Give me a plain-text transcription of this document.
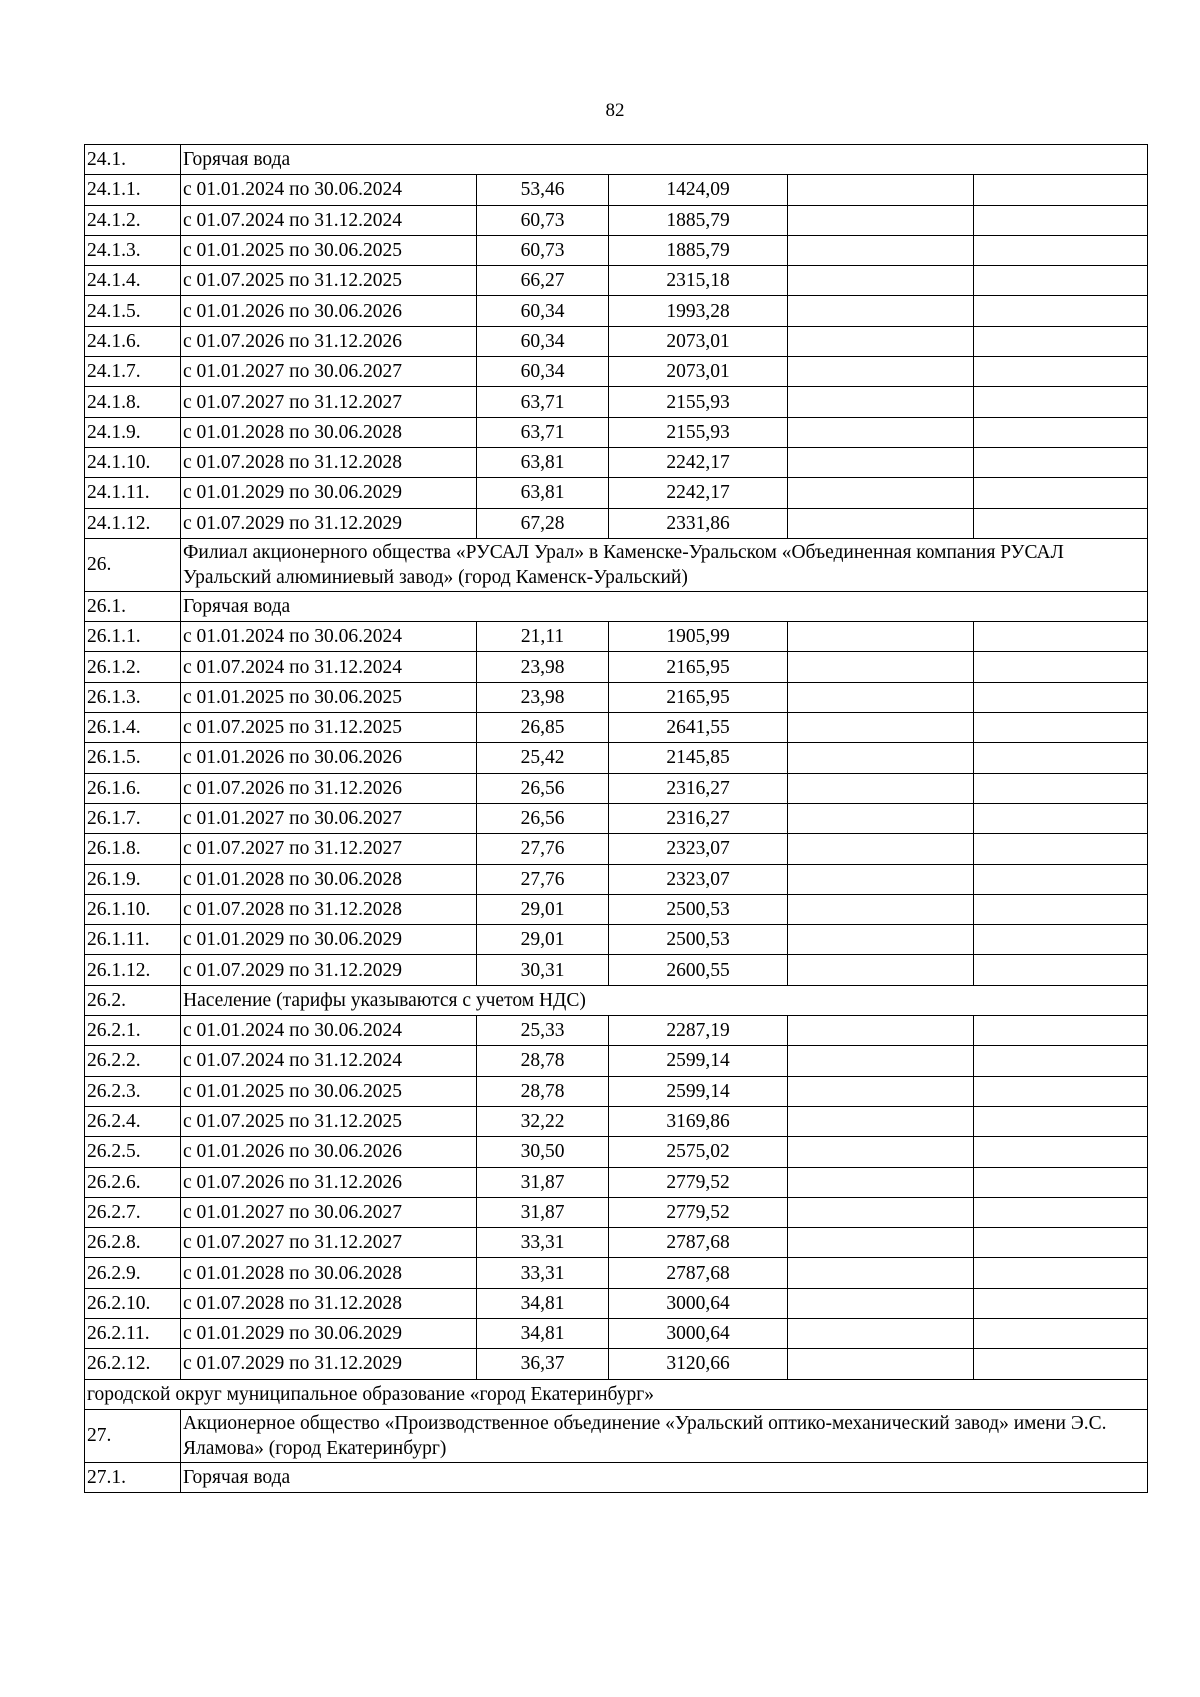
82
24.1.	Горячая вода				
24.1.1.	с 01.01.2024 по 30.06.2024	53,46	1424,09		
24.1.2.	с 01.07.2024 по 31.12.2024	60,73	1885,79		
24.1.3.	с 01.01.2025 по 30.06.2025	60,73	1885,79		
24.1.4.	с 01.07.2025 по 31.12.2025	66,27	2315,18		
24.1.5.	с 01.01.2026 по 30.06.2026	60,34	1993,28		
24.1.6.	с 01.07.2026 по 31.12.2026	60,34	2073,01		
24.1.7.	с 01.01.2027 по 30.06.2027	60,34	2073,01		
24.1.8.	с 01.07.2027 по 31.12.2027	63,71	2155,93		
24.1.9.	с 01.01.2028 по 30.06.2028	63,71	2155,93		
24.1.10.	с 01.07.2028 по 31.12.2028	63,81	2242,17		
24.1.11.	с 01.01.2029 по 30.06.2029	63,81	2242,17		
24.1.12.	с 01.07.2029 по 31.12.2029	67,28	2331,86		
26.	Филиал акционерного общества «РУСАЛ Урал» в Каменске-Уральском «Объединенная компания РУСАЛ Уральский алюминиевый завод» (город Каменск-Уральский)				
26.1.	Горячая вода				
26.1.1.	с 01.01.2024 по 30.06.2024	21,11	1905,99		
26.1.2.	с 01.07.2024 по 31.12.2024	23,98	2165,95		
26.1.3.	с 01.01.2025 по 30.06.2025	23,98	2165,95		
26.1.4.	с 01.07.2025 по 31.12.2025	26,85	2641,55		
26.1.5.	с 01.01.2026 по 30.06.2026	25,42	2145,85		
26.1.6.	с 01.07.2026 по 31.12.2026	26,56	2316,27		
26.1.7.	с 01.01.2027 по 30.06.2027	26,56	2316,27		
26.1.8.	с 01.07.2027 по 31.12.2027	27,76	2323,07		
26.1.9.	с 01.01.2028 по 30.06.2028	27,76	2323,07		
26.1.10.	с 01.07.2028 по 31.12.2028	29,01	2500,53		
26.1.11.	с 01.01.2029 по 30.06.2029	29,01	2500,53		
26.1.12.	с 01.07.2029 по 31.12.2029	30,31	2600,55		
26.2.	Население (тарифы указываются с учетом НДС)				
26.2.1.	с 01.01.2024 по 30.06.2024	25,33	2287,19		
26.2.2.	с 01.07.2024 по 31.12.2024	28,78	2599,14		
26.2.3.	с 01.01.2025 по 30.06.2025	28,78	2599,14		
26.2.4.	с 01.07.2025 по 31.12.2025	32,22	3169,86		
26.2.5.	с 01.01.2026 по 30.06.2026	30,50	2575,02		
26.2.6.	с 01.07.2026 по 31.12.2026	31,87	2779,52		
26.2.7.	с 01.01.2027 по 30.06.2027	31,87	2779,52		
26.2.8.	с 01.07.2027 по 31.12.2027	33,31	2787,68		
26.2.9.	с 01.01.2028 по 30.06.2028	33,31	2787,68		
26.2.10.	с 01.07.2028 по 31.12.2028	34,81	3000,64		
26.2.11.	с 01.01.2029 по 30.06.2029	34,81	3000,64		
26.2.12.	с 01.07.2029 по 31.12.2029	36,37	3120,66		
городской округ муниципальное образование «город Екатеринбург»					
27.	Акционерное общество «Производственное объединение «Уральский оптико-механический завод» имени Э.С. Яламова» (город Екатеринбург)				
27.1.	Горячая вода				
